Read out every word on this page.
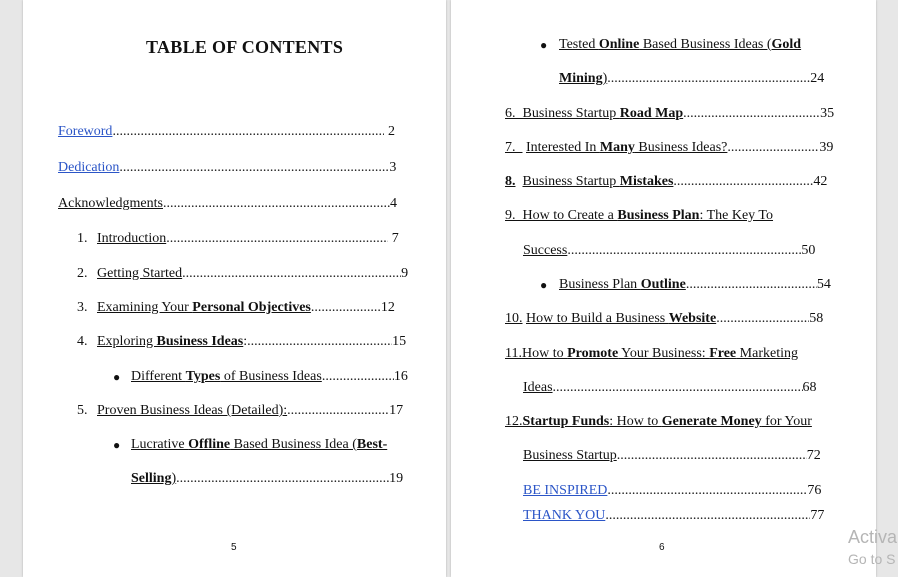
TABLE OF CONTENTS
Foreword .....	2
Dedication .....	3
Acknowledgments .....	4
1. Introduction .....	7
2. Getting Started .....	9
3. Examining Your Personal Objectives .....	12
4. Exploring Business Ideas: .....	15
● Different Types of Business Ideas .....	16
5. Proven Business Ideas (Detailed): .....	17
● Lucrative Offline Based Business Idea (Best-
Selling) .....	19
5
● Tested Online Based Business Ideas (Gold
Mining) .....	24
6. Business Startup Road Map .....	35
7. Interested In Many Business Ideas? .....	39
8. Business Startup Mistakes .....	42
9. How to Create a Business Plan: The Key To
Success .....	50
● Business Plan Outline .....	54
10. How to Build a Business Website .....	58
11.How to Promote Your Business: Free Marketing
Ideas .....	68
12.Startup Funds: How to Generate Money for Your
Business Startup .....	72
BE INSPIRED .....	76
THANK YOU .....	77
6
Activa
Go to S
